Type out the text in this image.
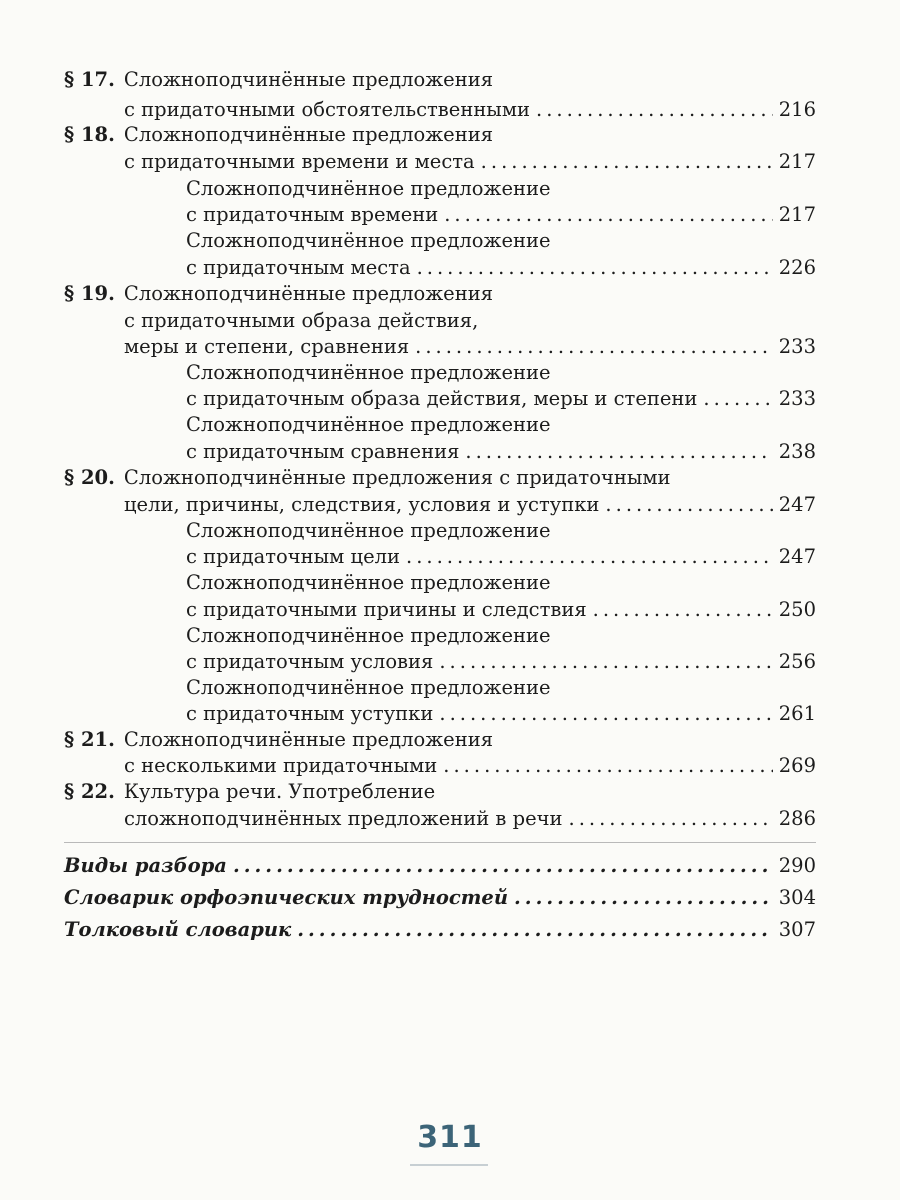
§ 17. Сложноподчинённые предложения
с придаточными обстоятельственными .....	216
§ 18. Сложноподчинённые предложения
с придаточными времени и места .....	217
Сложноподчинённое предложение
с придаточным времени .....	217
Сложноподчинённое предложение
с придаточным места .....	226
§ 19. Сложноподчинённые предложения
с придаточными образа действия,
меры и степени, сравнения .....	233
Сложноподчинённое предложение
с придаточным образа действия, меры и степени .....	233
Сложноподчинённое предложение
с придаточным сравнения .....	238
§ 20. Сложноподчинённые предложения с придаточными
цели, причины, следствия, условия и уступки .....	247
Сложноподчинённое предложение
с придаточным цели .....	247
Сложноподчинённое предложение
с придаточными причины и следствия .....	250
Сложноподчинённое предложение
с придаточным условия .....	256
Сложноподчинённое предложение
с придаточным уступки .....	261
§ 21. Сложноподчинённые предложения
с несколькими придаточными .....	269
§ 22. Культура речи. Употребление
сложноподчинённых предложений в речи .....	286
Виды разбора .....	290
Словарик орфоэпических трудностей .....	304
Толковый словарик .....	307
311
